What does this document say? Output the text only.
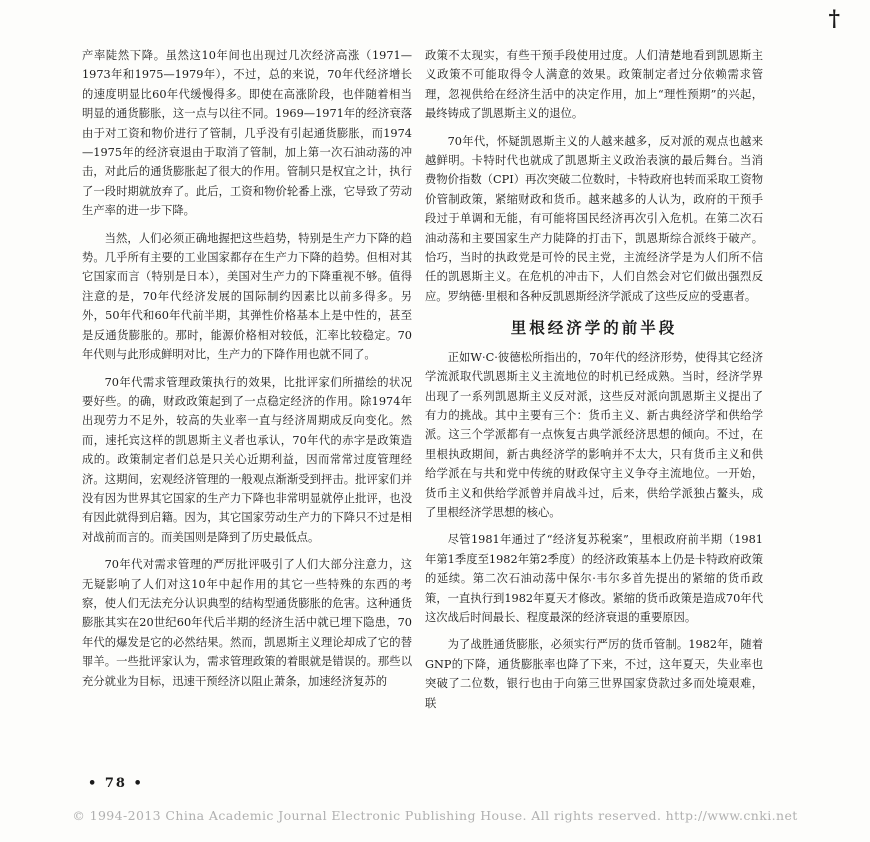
†

产率陡然下降。虽然这10年间也出现过几次经济高涨（1971—1973年和1975—1979年），不过，总的来说，70年代经济增长的速度明显比60年代缓慢得多。即使在高涨阶段，也伴随着相当明显的通货膨胀，这一点与以往不同。1969—1971年的经济衰落由于对工资和物价进行了管制，几乎没有引起通货膨胀，而1974—1975年的经济衰退由于取消了管制，加上第一次石油动荡的冲击，对此后的通货膨胀起了很大的作用。管制只是权宜之计，执行了一段时期就放弃了。此后，工资和物价轮番上涨，它导致了劳动生产率的进一步下降。

当然，人们必须正确地握把这些趋势，特别是生产力下降的趋势。几乎所有主要的工业国家都存在生产力下降的趋势。但相对其它国家而言（特别是日本），美国对生产力的下降重视不够。值得注意的是，70年代经济发展的国际制约因素比以前多得多。另外，50年代和60年代前半期，其弹性价格基本上是中性的，甚至是反通货膨胀的。那时，能源价格相对较低，汇率比较稳定。70年代则与此形成鲜明对比，生产力的下降作用也就不同了。

70年代需求管理政策执行的效果，比批评家们所描绘的状况要好些。的确，财政政策起到了一点稳定经济的作用。除1974年出现劳力不足外，较高的失业率一直与经济周期成反向变化。然而，速托宾这样的凯恩斯主义者也承认，70年代的赤字是政策造成的。政策制定者们总是只关心近期利益，因而常常过度管理经济。这期间，宏观经济管理的一般观点渐渐受到抨击。批评家们并没有因为世界其它国家的生产力下降也非常明显就停止批评，也没有因此就得到启籍。因为，其它国家劳动生产力的下降只不过是相对战前而言的。而美国则是降到了历史最低点。

70年代对需求管理的严厉批评吸引了人们大部分注意力，这无疑影响了人们对这10年中起作用的其它一些特殊的东西的考察，使人们无法充分认识典型的结构型通货膨胀的危害。这种通货膨胀其实在20世纪60年代后半期的经济生活中就已埋下隐患，70年代的爆发是它的必然结果。然而，凯恩斯主义理论却成了它的替罪羊。一些批评家认为，需求管理政策的着眼就是错误的。那些以充分就业为目标，迅速干预经济以阻止萧条，加速经济复苏的

政策不太现实，有些干预手段使用过度。人们清楚地看到凯恩斯主义政策不可能取得令人满意的效果。政策制定者过分依赖需求管理，忽视供给在经济生活中的决定作用，加上“理性预期”的兴起，最终铸成了凯恩斯主义的退位。

70年代，怀疑凯恩斯主义的人越来越多，反对派的观点也越来越鲜明。卡特时代也就成了凯恩斯主义政治表演的最后舞台。当消费物价指数（CPI）再次突破二位数时，卡特政府也转而采取工资物价管制政策，紧缩财政和货币。越来越多的人认为，政府的干预手段过于单调和无能，有可能将国民经济再次引入危机。在第二次石油动荡和主要国家生产力陡降的打击下，凯恩斯综合派终于破产。恰巧，当时的执政党是可怜的民主党，主流经济学是为人们所不信任的凯恩斯主义。在危机的冲击下，人们自然会对它们做出强烈反应。罗纳德·里根和各种反凯恩斯经济学派成了这些反应的受惠者。

里根经济学的前半段

正如W·C·彼德松所指出的，70年代的经济形势，使得其它经济学流派取代凯恩斯主义主流地位的时机已经成熟。当时，经济学界出现了一系列凯恩斯主义反对派，这些反对派向凯恩斯主义提出了有力的挑战。其中主要有三个：货币主义、新古典经济学和供给学派。这三个学派都有一点恢复古典学派经济思想的倾向。不过，在里根执政期间，新古典经济学的影响并不太大，只有货币主义和供给学派在与共和党中传统的财政保守主义争夺主流地位。一开始，货币主义和供给学派曾并肩战斗过，后来，供给学派独占鳌头，成了里根经济学思想的核心。

尽管1981年通过了“经济复苏税案”，里根政府前半期（1981年第1季度至1982年第2季度）的经济政策基本上仍是卡特政府政策的延续。第二次石油动荡中保尔·韦尔多首先提出的紧缩的货币政策，一直执行到1982年夏天才修改。紧缩的货币政策是造成70年代这次战后时间最长、程度最深的经济衰退的重要原因。

为了战胜通货膨胀，必须实行严厉的货币管制。1982年，随着GNP的下降，通货膨胀率也降了下来，不过，这年夏天，失业率也突破了二位数，银行也由于向第三世界国家贷款过多而处境艰难，联

• 78 •
© 1994-2013 China Academic Journal Electronic Publishing House. All rights reserved. http://www.cnki.net
